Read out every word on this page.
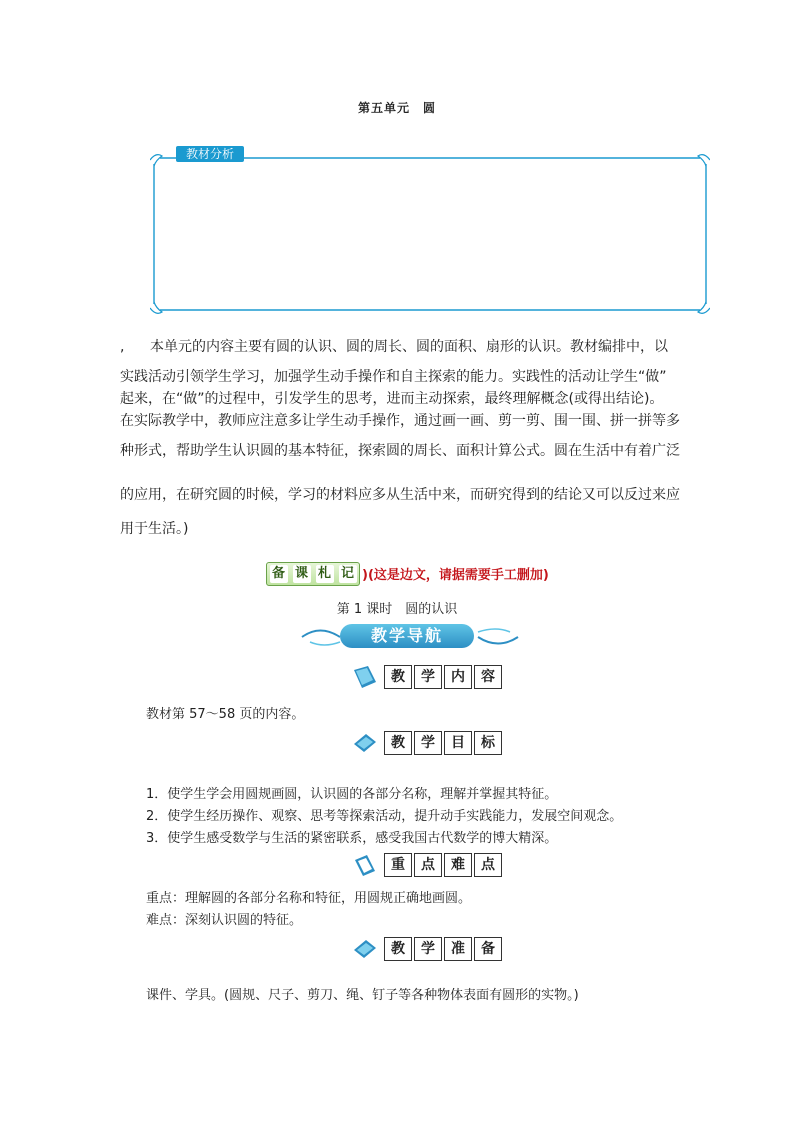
第五单元　圆
教材分析
, 本单元的内容主要有圆的认识、圆的周长、圆的面积、扇形的认识。教材编排中，以
实践活动引领学生学习，加强学生动手操作和自主探索的能力。实践性的活动让学生“做”
起来，在“做”的过程中，引发学生的思考，进而主动探索，最终理解概念(或得出结论)。
在实际教学中，教师应注意多让学生动手操作，通过画一画、剪一剪、围一围、拼一拼等多
种形式，帮助学生认识圆的基本特征，探索圆的周长、面积计算公式。圆在生活中有着广泛
的应用，在研究圆的时候，学习的材料应多从生活中来，而研究得到的结论又可以反过来应
用于生活。)
备 课 札 记 )(这是边文，请据需要手工删加)
第 1 课时　圆的认识
教学导航
教	学	内	容
教材第 57～58 页的内容。
教	学	目	标
1．使学生学会用圆规画圆，认识圆的各部分名称，理解并掌握其特征。
2．使学生经历操作、观察、思考等探索活动，提升动手实践能力，发展空间观念。
3．使学生感受数学与生活的紧密联系，感受我国古代数学的博大精深。
重	点	难	点
重点：理解圆的各部分名称和特征，用圆规正确地画圆。
难点：深刻认识圆的特征。
教	学	准	备
课件、学具。(圆规、尺子、剪刀、绳、钉子等各种物体表面有圆形的实物。)
